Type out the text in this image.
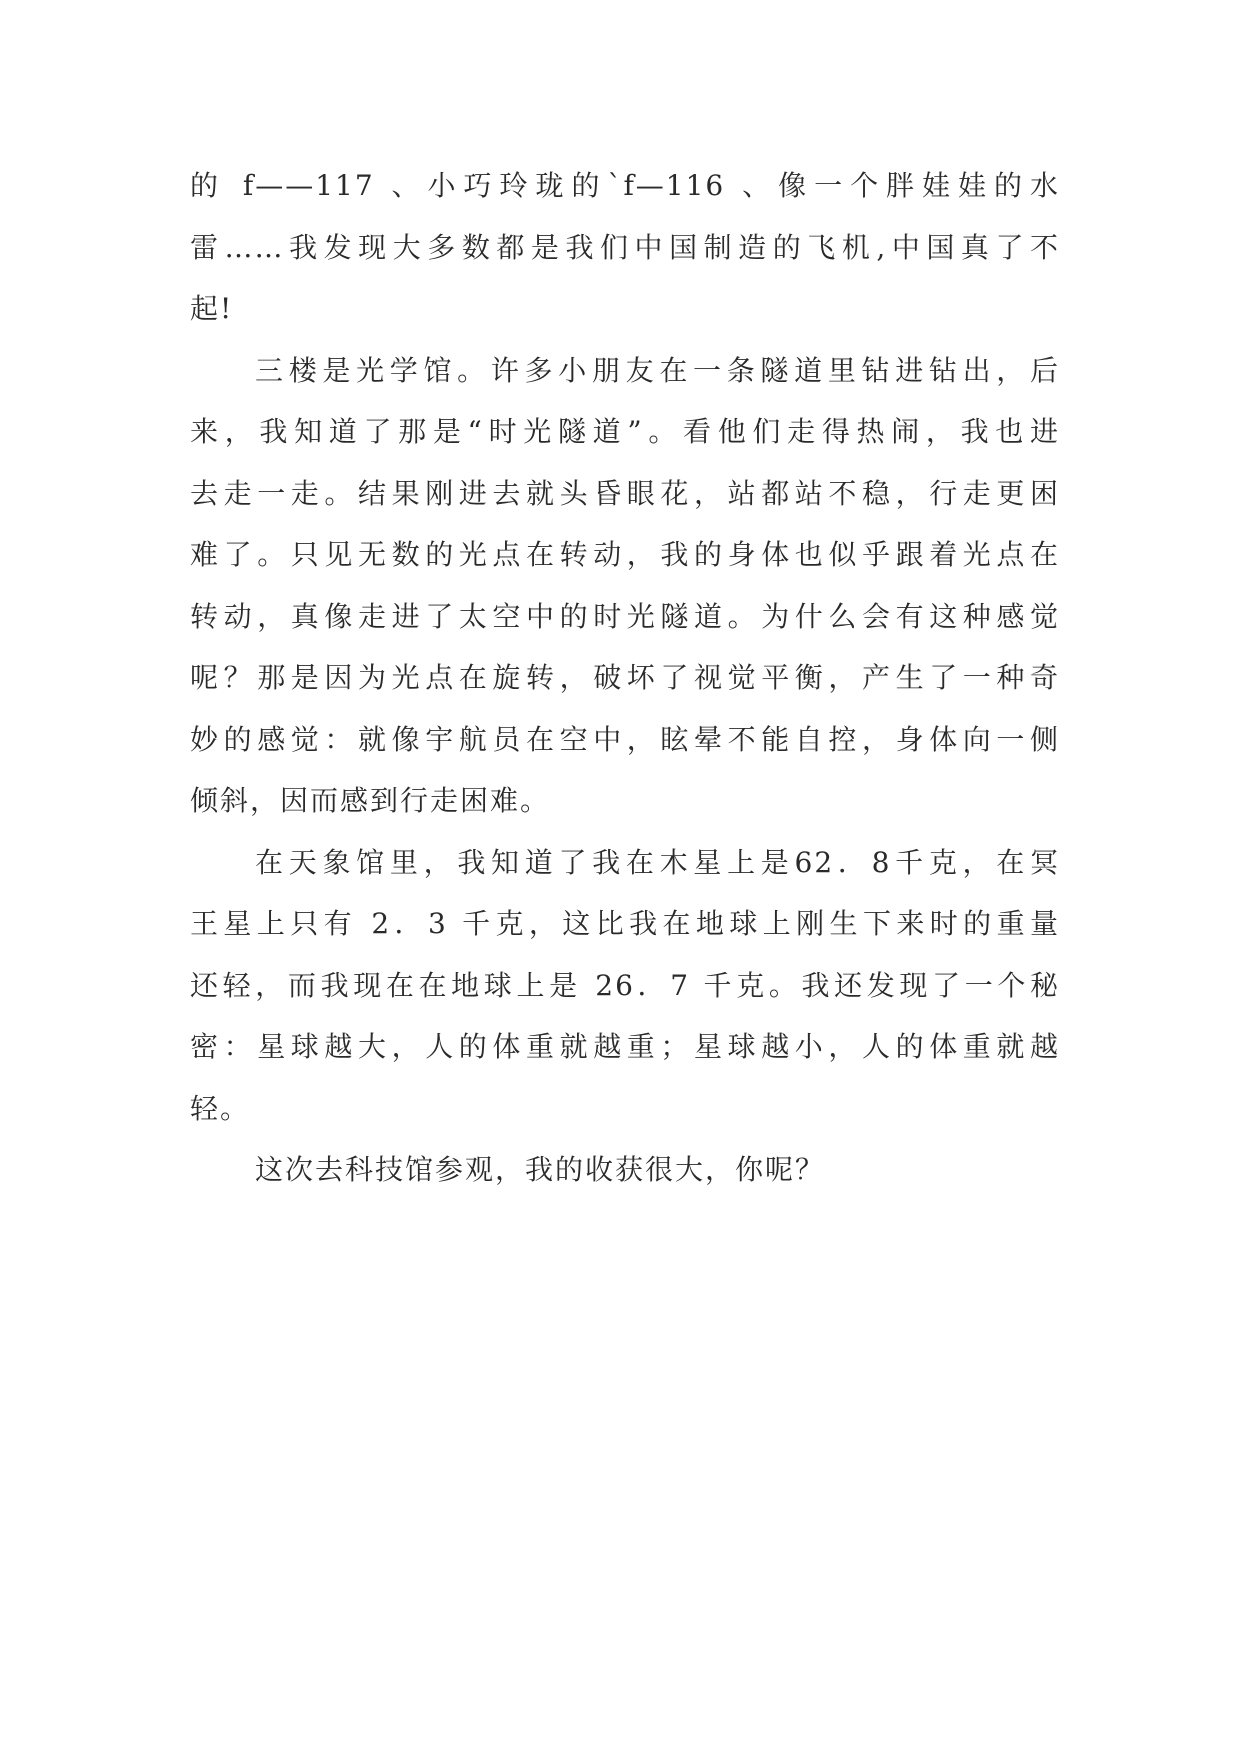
的 f——117 、小巧玲珑的`f—116 、像一个胖娃娃的水
雷……我发现大多数都是我们中国制造的飞机,中国真了不
起!
三楼是光学馆。许多小朋友在一条隧道里钻进钻出，后
来，我知道了那是“时光隧道”。看他们走得热闹，我也进
去走一走。结果刚进去就头昏眼花，站都站不稳，行走更困
难了。只见无数的光点在转动，我的身体也似乎跟着光点在
转动，真像走进了太空中的时光隧道。为什么会有这种感觉
呢？那是因为光点在旋转，破坏了视觉平衡，产生了一种奇
妙的感觉：就像宇航员在空中，眩晕不能自控，身体向一侧
倾斜，因而感到行走困难。
在天象馆里，我知道了我在木星上是62．8千克，在冥
王星上只有 2．3 千克，这比我在地球上刚生下来时的重量
还轻，而我现在在地球上是 26．7 千克。我还发现了一个秘
密：星球越大，人的体重就越重；星球越小，人的体重就越
轻。
这次去科技馆参观，我的收获很大，你呢？
